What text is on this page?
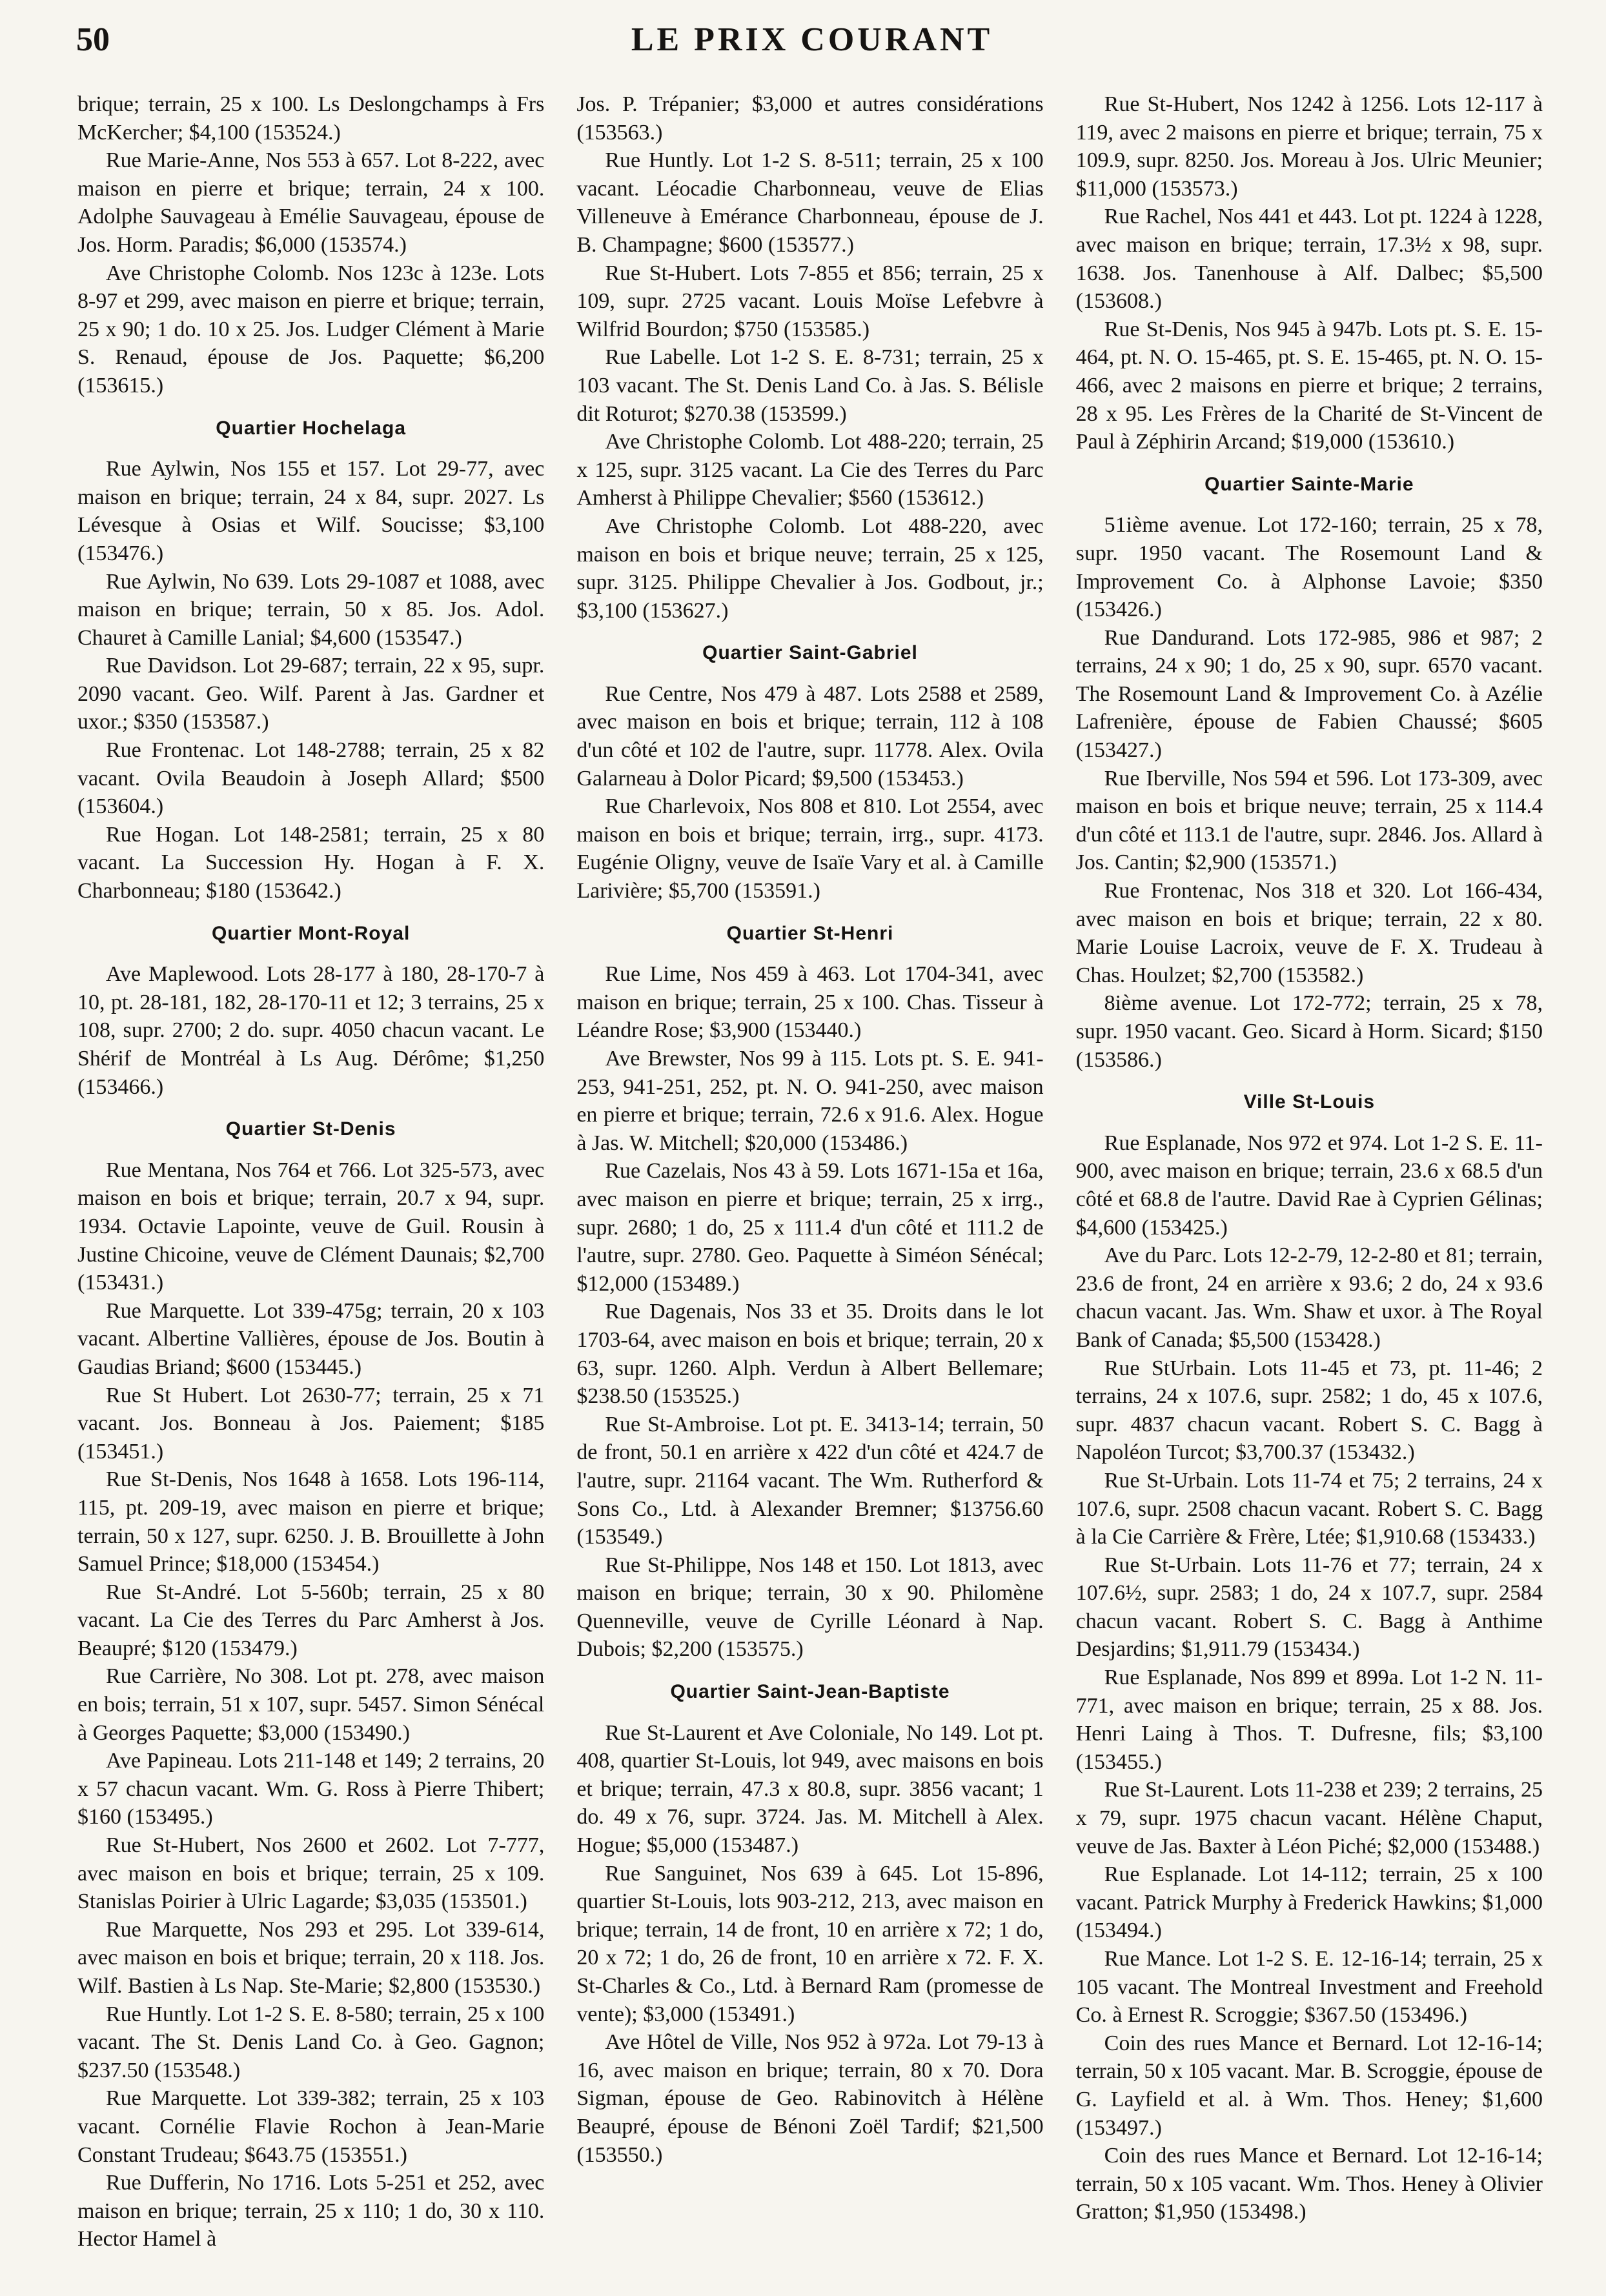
50	LE PRIX COURANT

brique; terrain, 25 x 100. Ls Deslongchamps à Frs McKercher; $4,100 (153524.)

Rue Marie-Anne, Nos 553 à 657. Lot 8-222, avec maison en pierre et brique; terrain, 24 x 100. Adolphe Sauvageau à Emélie Sauvageau, épouse de Jos. Horm. Paradis; $6,000 (153574.)

Ave Christophe Colomb. Nos 123c à 123e. Lots 8-97 et 299, avec maison en pierre et brique; terrain, 25 x 90; 1 do. 10 x 25. Jos. Ludger Clément à Marie S. Renaud, épouse de Jos. Paquette; $6,200 (153615.)

Quartier Hochelaga

Rue Aylwin, Nos 155 et 157. Lot 29-77, avec maison en brique; terrain, 24 x 84, supr. 2027. Ls Lévesque à Osias et Wilf. Soucisse; $3,100 (153476.)

Rue Aylwin, No 639. Lots 29-1087 et 1088, avec maison en brique; terrain, 50 x 85. Jos. Adol. Chauret à Camille Lanial; $4,600 (153547.)

Rue Davidson. Lot 29-687; terrain, 22 x 95, supr. 2090 vacant. Geo. Wilf. Parent à Jas. Gardner et uxor.; $350 (153587.)

Rue Frontenac. Lot 148-2788; terrain, 25 x 82 vacant. Ovila Beaudoin à Joseph Allard; $500 (153604.)

Rue Hogan. Lot 148-2581; terrain, 25 x 80 vacant. La Succession Hy. Hogan à F. X. Charbonneau; $180 (153642.)

Quartier Mont-Royal

Ave Maplewood. Lots 28-177 à 180, 28-170-7 à 10, pt. 28-181, 182, 28-170-11 et 12; 3 terrains, 25 x 108, supr. 2700; 2 do. supr. 4050 chacun vacant. Le Shérif de Montréal à Ls Aug. Dérôme; $1,250 (153466.)

Quartier St-Denis

Rue Mentana, Nos 764 et 766. Lot 325-573, avec maison en bois et brique; terrain, 20.7 x 94, supr. 1934. Octavie Lapointe, veuve de Guil. Rousin à Justine Chicoine, veuve de Clément Daunais; $2,700 (153431.)

Rue Marquette. Lot 339-475g; terrain, 20 x 103 vacant. Albertine Vallières, épouse de Jos. Boutin à Gaudias Briand; $600 (153445.)

Rue St Hubert. Lot 2630-77; terrain, 25 x 71 vacant. Jos. Bonneau à Jos. Paiement; $185 (153451.)

Rue St-Denis, Nos 1648 à 1658. Lots 196-114, 115, pt. 209-19, avec maison en pierre et brique; terrain, 50 x 127, supr. 6250. J. B. Brouillette à John Samuel Prince; $18,000 (153454.)

Rue St-André. Lot 5-560b; terrain, 25 x 80 vacant. La Cie des Terres du Parc Amherst à Jos. Beaupré; $120 (153479.)

Rue Carrière, No 308. Lot pt. 278, avec maison en bois; terrain, 51 x 107, supr. 5457. Simon Sénécal à Georges Paquette; $3,000 (153490.)

Ave Papineau. Lots 211-148 et 149; 2 terrains, 20 x 57 chacun vacant. Wm. G. Ross à Pierre Thibert; $160 (153495.)

Rue St-Hubert, Nos 2600 et 2602. Lot 7-777, avec maison en bois et brique; terrain, 25 x 109. Stanislas Poirier à Ulric Lagarde; $3,035 (153501.)

Rue Marquette, Nos 293 et 295. Lot 339-614, avec maison en bois et brique; terrain, 20 x 118. Jos. Wilf. Bastien à Ls Nap. Ste-Marie; $2,800 (153530.)

Rue Huntly. Lot 1-2 S. E. 8-580; terrain, 25 x 100 vacant. The St. Denis Land Co. à Geo. Gagnon; $237.50 (153548.)

Rue Marquette. Lot 339-382; terrain, 25 x 103 vacant. Cornélie Flavie Rochon à Jean-Marie Constant Trudeau; $643.75 (153551.)

Rue Dufferin, No 1716. Lots 5-251 et 252, avec maison en brique; terrain, 25 x 110; 1 do, 30 x 110. Hector Hamel à

Jos. P. Trépanier; $3,000 et autres considérations (153563.)

Rue Huntly. Lot 1-2 S. 8-511; terrain, 25 x 100 vacant. Léocadie Charbonneau, veuve de Elias Villeneuve à Emérance Charbonneau, épouse de J. B. Champagne; $600 (153577.)

Rue St-Hubert. Lots 7-855 et 856; terrain, 25 x 109, supr. 2725 vacant. Louis Moïse Lefebvre à Wilfrid Bourdon; $750 (153585.)

Rue Labelle. Lot 1-2 S. E. 8-731; terrain, 25 x 103 vacant. The St. Denis Land Co. à Jas. S. Bélisle dit Roturot; $270.38 (153599.)

Ave Christophe Colomb. Lot 488-220; terrain, 25 x 125, supr. 3125 vacant. La Cie des Terres du Parc Amherst à Philippe Chevalier; $560 (153612.)

Ave Christophe Colomb. Lot 488-220, avec maison en bois et brique neuve; terrain, 25 x 125, supr. 3125. Philippe Chevalier à Jos. Godbout, jr.; $3,100 (153627.)

Quartier Saint-Gabriel

Rue Centre, Nos 479 à 487. Lots 2588 et 2589, avec maison en bois et brique; terrain, 112 à 108 d'un côté et 102 de l'autre, supr. 11778. Alex. Ovila Galarneau à Dolor Picard; $9,500 (153453.)

Rue Charlevoix, Nos 808 et 810. Lot 2554, avec maison en bois et brique; terrain, irrg., supr. 4173. Eugénie Oligny, veuve de Isaïe Vary et al. à Camille Larivière; $5,700 (153591.)

Quartier St-Henri

Rue Lime, Nos 459 à 463. Lot 1704-341, avec maison en brique; terrain, 25 x 100. Chas. Tisseur à Léandre Rose; $3,900 (153440.)

Ave Brewster, Nos 99 à 115. Lots pt. S. E. 941-253, 941-251, 252, pt. N. O. 941-250, avec maison en pierre et brique; terrain, 72.6 x 91.6. Alex. Hogue à Jas. W. Mitchell; $20,000 (153486.)

Rue Cazelais, Nos 43 à 59. Lots 1671-15a et 16a, avec maison en pierre et brique; terrain, 25 x irrg., supr. 2680; 1 do, 25 x 111.4 d'un côté et 111.2 de l'autre, supr. 2780. Geo. Paquette à Siméon Sénécal; $12,000 (153489.)

Rue Dagenais, Nos 33 et 35. Droits dans le lot 1703-64, avec maison en bois et brique; terrain, 20 x 63, supr. 1260. Alph. Verdun à Albert Bellemare; $238.50 (153525.)

Rue St-Ambroise. Lot pt. E. 3413-14; terrain, 50 de front, 50.1 en arrière x 422 d'un côté et 424.7 de l'autre, supr. 21164 vacant. The Wm. Rutherford & Sons Co., Ltd. à Alexander Bremner; $13756.60 (153549.)

Rue St-Philippe, Nos 148 et 150. Lot 1813, avec maison en brique; terrain, 30 x 90. Philomène Quenneville, veuve de Cyrille Léonard à Nap. Dubois; $2,200 (153575.)

Quartier Saint-Jean-Baptiste

Rue St-Laurent et Ave Coloniale, No 149. Lot pt. 408, quartier St-Louis, lot 949, avec maisons en bois et brique; terrain, 47.3 x 80.8, supr. 3856 vacant; 1 do. 49 x 76, supr. 3724. Jas. M. Mitchell à Alex. Hogue; $5,000 (153487.)

Rue Sanguinet, Nos 639 à 645. Lot 15-896, quartier St-Louis, lots 903-212, 213, avec maison en brique; terrain, 14 de front, 10 en arrière x 72; 1 do, 20 x 72; 1 do, 26 de front, 10 en arrière x 72. F. X. St-Charles & Co., Ltd. à Bernard Ram (promesse de vente); $3,000 (153491.)

Ave Hôtel de Ville, Nos 952 à 972a. Lot 79-13 à 16, avec maison en brique; terrain, 80 x 70. Dora Sigman, épouse de Geo. Rabinovitch à Hélène Beaupré, épouse de Bénoni Zoël Tardif; $21,500 (153550.)

Rue St-Hubert, Nos 1242 à 1256. Lots 12-117 à 119, avec 2 maisons en pierre et brique; terrain, 75 x 109.9, supr. 8250. Jos. Moreau à Jos. Ulric Meunier; $11,000 (153573.)

Rue Rachel, Nos 441 et 443. Lot pt. 1224 à 1228, avec maison en brique; terrain, 17.3½ x 98, supr. 1638. Jos. Tanenhouse à Alf. Dalbec; $5,500 (153608.)

Rue St-Denis, Nos 945 à 947b. Lots pt. S. E. 15-464, pt. N. O. 15-465, pt. S. E. 15-465, pt. N. O. 15-466, avec 2 maisons en pierre et brique; 2 terrains, 28 x 95. Les Frères de la Charité de St-Vincent de Paul à Zéphirin Arcand; $19,000 (153610.)

Quartier Sainte-Marie

51ième avenue. Lot 172-160; terrain, 25 x 78, supr. 1950 vacant. The Rosemount Land & Improvement Co. à Alphonse Lavoie; $350 (153426.)

Rue Dandurand. Lots 172-985, 986 et 987; 2 terrains, 24 x 90; 1 do, 25 x 90, supr. 6570 vacant. The Rosemount Land & Improvement Co. à Azélie Lafrenière, épouse de Fabien Chaussé; $605 (153427.)

Rue Iberville, Nos 594 et 596. Lot 173-309, avec maison en bois et brique neuve; terrain, 25 x 114.4 d'un côté et 113.1 de l'autre, supr. 2846. Jos. Allard à Jos. Cantin; $2,900 (153571.)

Rue Frontenac, Nos 318 et 320. Lot 166-434, avec maison en bois et brique; terrain, 22 x 80. Marie Louise Lacroix, veuve de F. X. Trudeau à Chas. Houlzet; $2,700 (153582.)

8ième avenue. Lot 172-772; terrain, 25 x 78, supr. 1950 vacant. Geo. Sicard à Horm. Sicard; $150 (153586.)

Ville St-Louis

Rue Esplanade, Nos 972 et 974. Lot 1-2 S. E. 11-900, avec maison en brique; terrain, 23.6 x 68.5 d'un côté et 68.8 de l'autre. David Rae à Cyprien Gélinas; $4,600 (153425.)

Ave du Parc. Lots 12-2-79, 12-2-80 et 81; terrain, 23.6 de front, 24 en arrière x 93.6; 2 do, 24 x 93.6 chacun vacant. Jas. Wm. Shaw et uxor. à The Royal Bank of Canada; $5,500 (153428.)

Rue StUrbain. Lots 11-45 et 73, pt. 11-46; 2 terrains, 24 x 107.6, supr. 2582; 1 do, 45 x 107.6, supr. 4837 chacun vacant. Robert S. C. Bagg à Napoléon Turcot; $3,700.37 (153432.)

Rue St-Urbain. Lots 11-74 et 75; 2 terrains, 24 x 107.6, supr. 2508 chacun vacant. Robert S. C. Bagg à la Cie Carrière & Frère, Ltée; $1,910.68 (153433.)

Rue St-Urbain. Lots 11-76 et 77; terrain, 24 x 107.6½, supr. 2583; 1 do, 24 x 107.7, supr. 2584 chacun vacant. Robert S. C. Bagg à Anthime Desjardins; $1,911.79 (153434.)

Rue Esplanade, Nos 899 et 899a. Lot 1-2 N. 11-771, avec maison en brique; terrain, 25 x 88. Jos. Henri Laing à Thos. T. Dufresne, fils; $3,100 (153455.)

Rue St-Laurent. Lots 11-238 et 239; 2 terrains, 25 x 79, supr. 1975 chacun vacant. Hélène Chaput, veuve de Jas. Baxter à Léon Piché; $2,000 (153488.)

Rue Esplanade. Lot 14-112; terrain, 25 x 100 vacant. Patrick Murphy à Frederick Hawkins; $1,000 (153494.)

Rue Mance. Lot 1-2 S. E. 12-16-14; terrain, 25 x 105 vacant. The Montreal Investment and Freehold Co. à Ernest R. Scroggie; $367.50 (153496.)

Coin des rues Mance et Bernard. Lot 12-16-14; terrain, 50 x 105 vacant. Mar. B. Scroggie, épouse de G. Layfield et al. à Wm. Thos. Heney; $1,600 (153497.)

Coin des rues Mance et Bernard. Lot 12-16-14; terrain, 50 x 105 vacant. Wm. Thos. Heney à Olivier Gratton; $1,950 (153498.)
